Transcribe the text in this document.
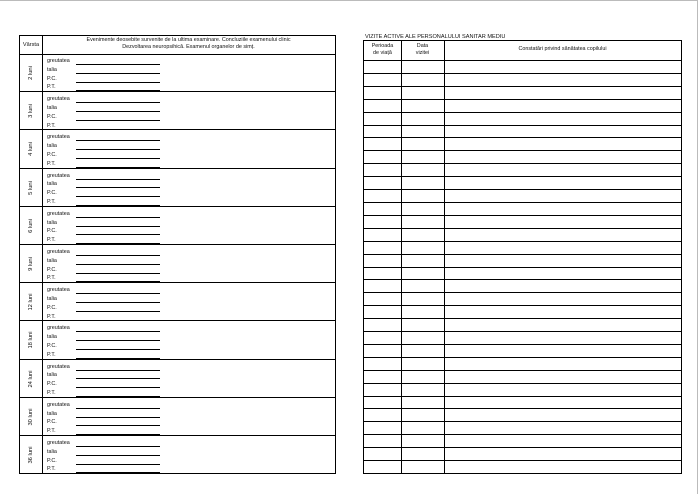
Vârsta
Evenimente deosebite survenite de la ultima examinare. Concluziile examenului clinic
Dezvoltarea neuropsihică. Examenul organelor de simț.
2 luni
greutatea
talia
P.C.
P.T.
3 luni
greutatea
talia
P.C.
P.T.
4 luni
greutatea
talia
P.C.
P.T.
5 luni
greutatea
talia
P.C.
P.T.
6 luni
greutatea
talia
P.C.
P.T.
9 luni
greutatea
talia
P.C.
P.T.
12 luni
greutatea
talia
P.C.
P.T.
18 luni
greutatea
talia
P.C.
P.T.
24 luni
greutatea
talia
P.C.
P.T.
30 luni
greutatea
talia
P.C.
P.T.
36 luni
greutatea
talia
P.C.
P.T.
VIZITE ACTIVE ALE PERSONALULUI SANITAR MEDIU
Perioada
de viață
Data
vizitei
Constatări privind sănătatea copilului
